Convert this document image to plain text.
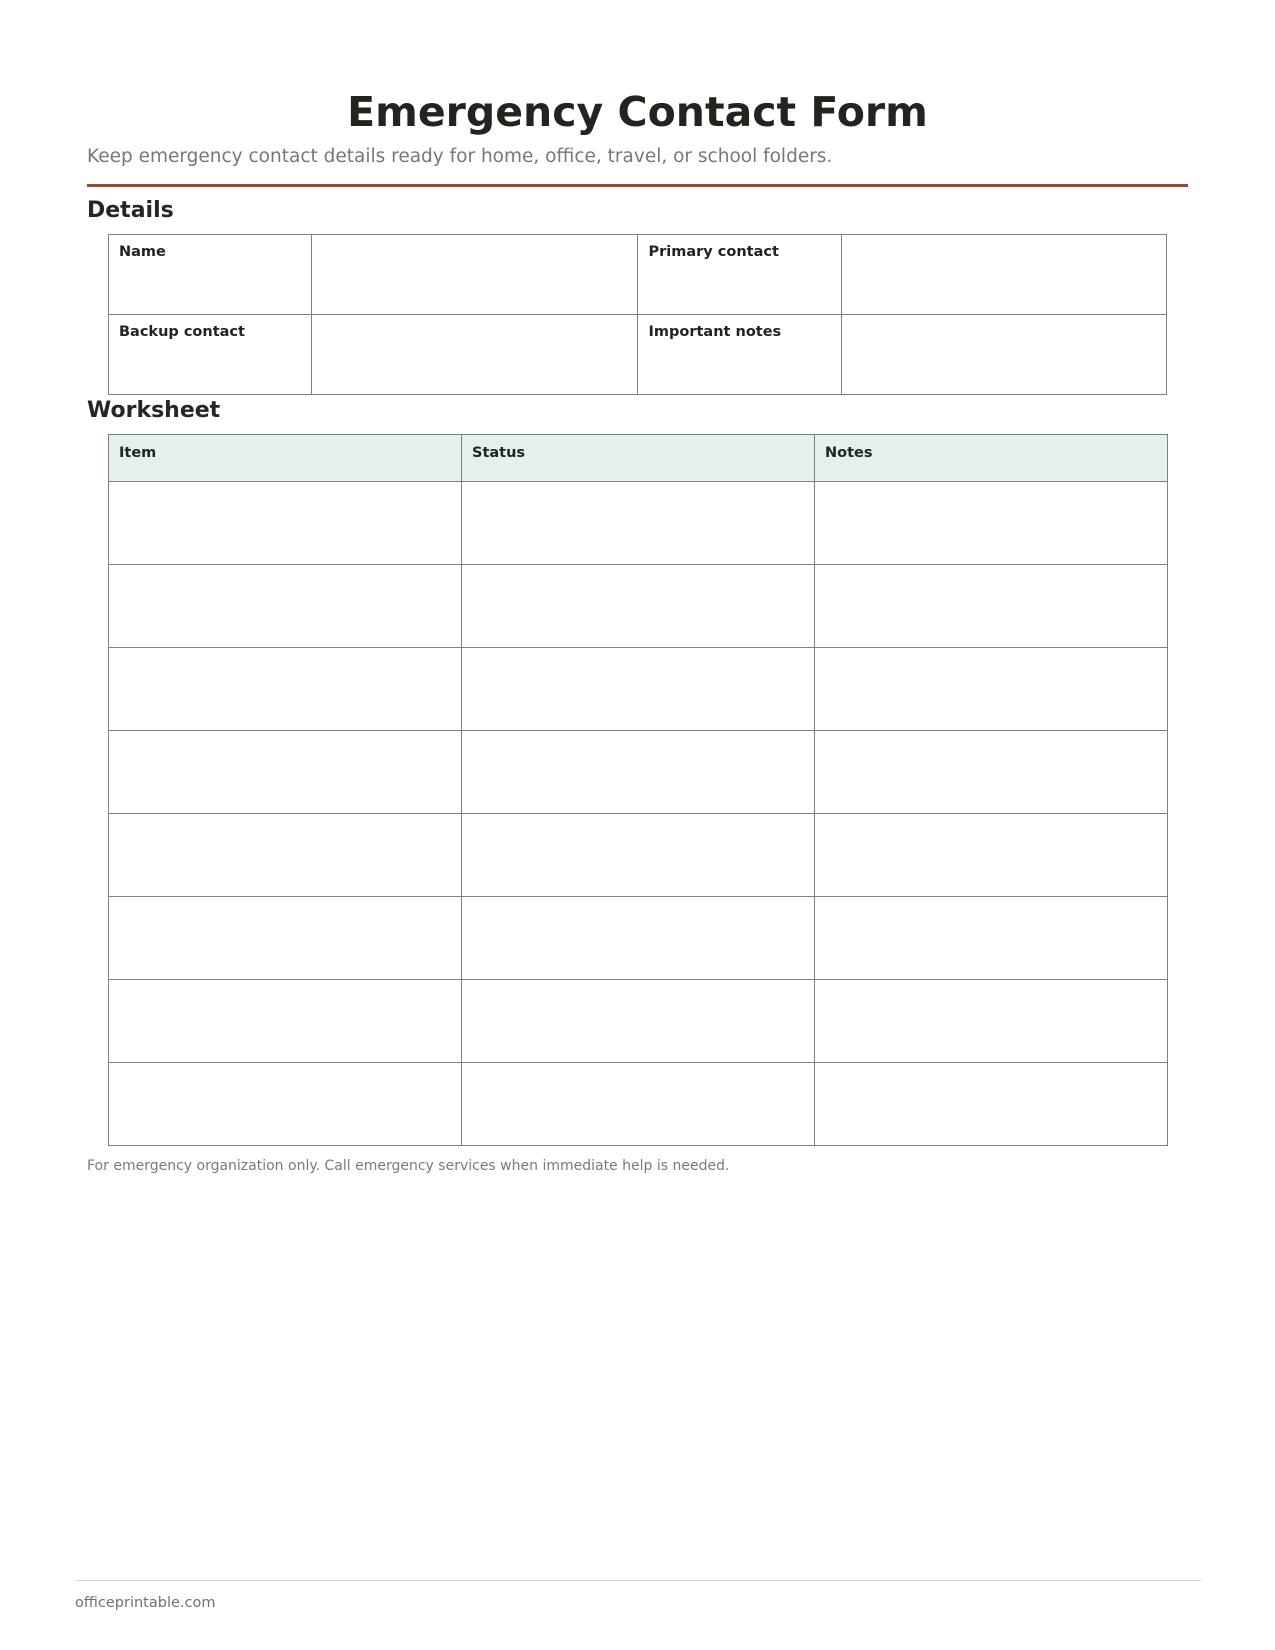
Emergency Contact Form

Keep emergency contact details ready for home, office, travel, or school folders.

Details
Name		Primary contact	
Backup contact		Important notes	
Worksheet
Item	Status	Notes

For emergency organization only. Call emergency services when immediate help is needed.

officeprintable.com
